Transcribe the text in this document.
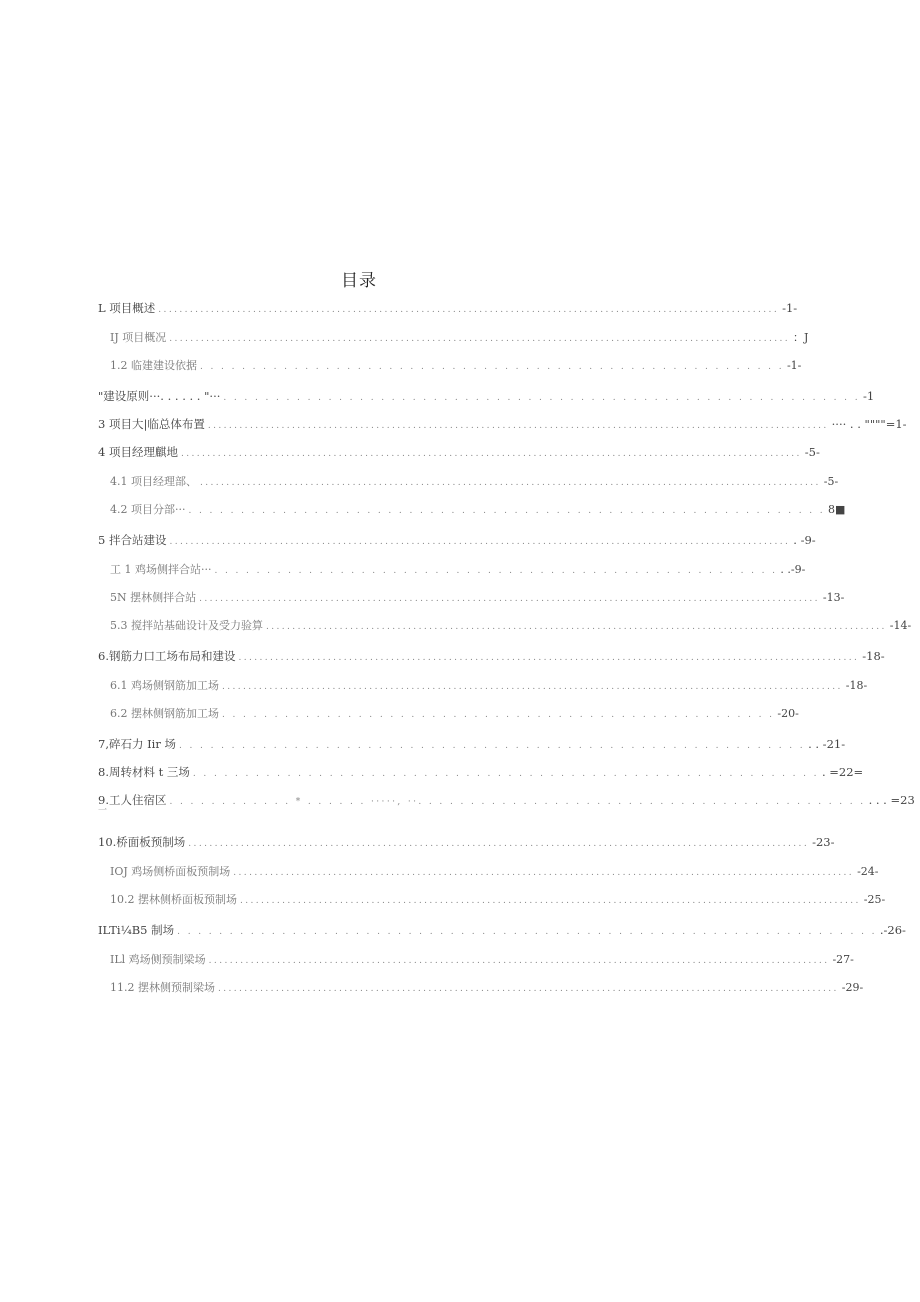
目录
L 项目概述 ...................................................................................................................... -1-
IJ 项目概况 ...................................................................................................................... ：J
1.2 临建建设依据 . . . . . . . . . . . . . . . . . . . . . . . . . . . . . . . . . . . . . . . . . . . . . . . . . . . . . . . . -1-
"建设原则···. . . . . . "··· . . . . . . . . . . . . . . . . . . . . . . . . . . . . . . . . . . . . . . . . . . . . . . . . . . . . . . . . . . . . . -1
3 项目大|临总体布置 ...................................................................................................................... ···· . . """"=1-
4 项目经理麒地 ...................................................................................................................... -5-
4.1 项目经理部、 ...................................................................................................................... -5-
4.2 项目分部··· . . . . . . . . . . . . . . . . . . . . . . . . . . . . . . . . . . . . . . . . . . . . . . . . . . . . . . . . . . . . . 8■
5 拌合站建设 ...................................................................................................................... . -9-
工 1 鸡场侧拌合站··· . . . . . . . . . . . . . . . . . . . . . . . . . . . . . . . . . . . . . . . . . . . . . . . . . . . . . . . .-9-
5N 摆林侧拌合站 ...................................................................................................................... -13-
5.3 搅拌站基础设计及受力验算 ...................................................................................................................... -14-
6.钢筋力口工场布局和建设 ...................................................................................................................... -18-
6.1 鸡场侧钢筋加工场 ...................................................................................................................... -18-
6.2 摆林侧钢筋加工场 . . . . . . . . . . . . . . . . . . . . . . . . . . . . . . . . . . . . . . . . . . . . . . . . . . . . . -20-
7,碎石力 Iir 场 . . . . . . . . . . . . . . . . . . . . . . . . . . . . . . . . . . . . . . . . . . . . . . . . . . . . . . . . . . . . . . -21-
8.周转材料 t 三场 . . . . . . . . . . . . . . . . . . . . . . . . . . . . . . . . . . . . . . . . . . . . . . . . . . . . . . . . . . . . . =22=
9.工人住宿区 . . . . . . . . . . . . * . . . . . . ·····, ··. . . . . . . . . . . . . . . . . . . . . . . . . . . . . . . . . . . . . . . . . . . . . . =23
一
10.桥面板预制场 ...................................................................................................................... -23-
IOJ 鸡场侧桥面板预制场 ...................................................................................................................... -24-
10.2 摆林侧桥面板预制场 ...................................................................................................................... -25-
ILTi¼B5 制场 . . . . . . . . . . . . . . . . . . . . . . . . . . . . . . . . . . . . . . . . . . . . . . . . . . . . . . . . . . . . . . . . . . . .-26-
ILl 鸡场侧预制梁场 ...................................................................................................................... -27-
11.2 摆林侧预制梁场 ...................................................................................................................... -29-
